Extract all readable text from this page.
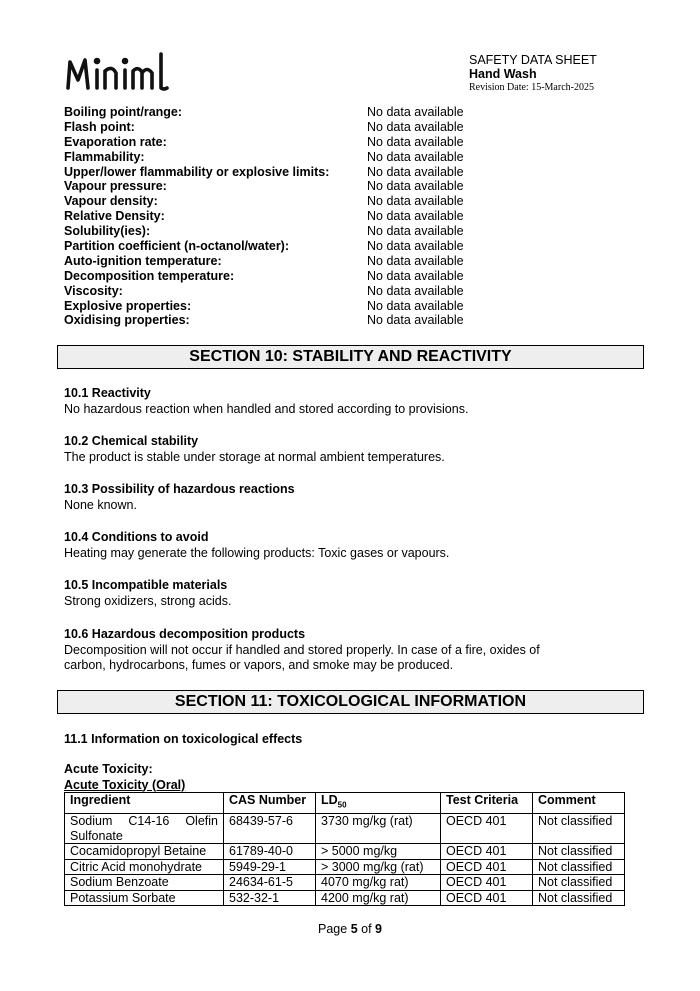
SAFETY DATA SHEET
Hand Wash
Revision Date: 15-March-2025
Boiling point/range:	No data available
Flash point:	No data available
Evaporation rate:	No data available
Flammability:	No data available
Upper/lower flammability or explosive limits:	No data available
Vapour pressure:	No data available
Vapour density:	No data available
Relative Density:	No data available
Solubility(ies):	No data available
Partition coefficient (n-octanol/water):	No data available
Auto-ignition temperature:	No data available
Decomposition temperature:	No data available
Viscosity:	No data available
Explosive properties:	No data available
Oxidising properties:	No data available
SECTION 10: STABILITY AND REACTIVITY
10.1 Reactivity
No hazardous reaction when handled and stored according to provisions.
10.2 Chemical stability
The product is stable under storage at normal ambient temperatures.
10.3 Possibility of hazardous reactions
None known.
10.4 Conditions to avoid
Heating may generate the following products: Toxic gases or vapours.
10.5 Incompatible materials
Strong oxidizers, strong acids.
10.6 Hazardous decomposition products
Decomposition will not occur if handled and stored properly. In case of a fire, oxides of
carbon, hydrocarbons, fumes or vapors, and smoke may be produced.
SECTION 11: TOXICOLOGICAL INFORMATION
11.1 Information on toxicological effects
Acute Toxicity:
Acute Toxicity (Oral)
Ingredient	CAS Number	$LD_{50}$	Test Criteria	Comment

Sodium C14-16 Olefin
Sulfonate	68439-57-6	3730 mg/kg (rat)	OECD 401	Not classified
Cocamidopropyl Betaine	61789-40-0	> 5000 mg/kg	OECD 401	Not classified
Citric Acid monohydrate	5949-29-1	> 3000 mg/kg (rat)	OECD 401	Not classified
Sodium Benzoate	24634-61-5	4070 mg/kg rat)	OECD 401	Not classified
Potassium Sorbate	532-32-1	4200 mg/kg rat)	OECD 401	Not classified
Page 5 of 9
